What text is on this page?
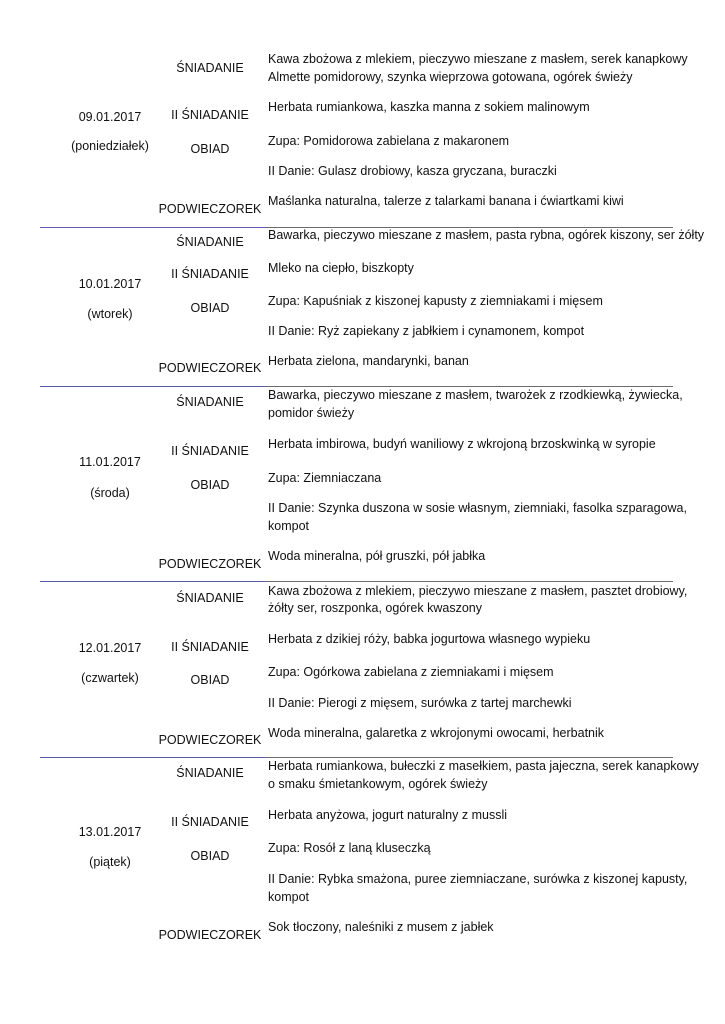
09.01.2017
(poniedziałek)
ŚNIADANIE
II ŚNIADANIE
OBIAD
PODWIECZOREK
Kawa zbożowa z mlekiem, pieczywo mieszane z masłem, serek kanapkowy
Almette pomidorowy, szynka wieprzowa gotowana, ogórek świeży
Herbata rumiankowa, kaszka manna z sokiem malinowym
Zupa: Pomidorowa zabielana z makaronem
II Danie: Gulasz drobiowy, kasza gryczana, buraczki
Maślanka naturalna, talerze z talarkami banana i ćwiartkami kiwi
10.01.2017
(wtorek)
ŚNIADANIE
II ŚNIADANIE
OBIAD
PODWIECZOREK
Bawarka, pieczywo mieszane z masłem, pasta rybna, ogórek kiszony, ser żółty
Mleko na ciepło, biszkopty
Zupa: Kapuśniak z kiszonej kapusty z ziemniakami i mięsem
II Danie: Ryż zapiekany z jabłkiem i cynamonem, kompot
Herbata zielona, mandarynki, banan
11.01.2017
(środa)
ŚNIADANIE
II ŚNIADANIE
OBIAD
PODWIECZOREK
Bawarka, pieczywo mieszane z masłem, twarożek z rzodkiewką, żywiecka,
pomidor świeży
Herbata imbirowa, budyń waniliowy z wkrojoną brzoskwinką w syropie
Zupa: Ziemniaczana
II Danie: Szynka duszona w sosie własnym, ziemniaki, fasolka szparagowa,
kompot
Woda mineralna, pół gruszki, pół jabłka
12.01.2017
(czwartek)
ŚNIADANIE
II ŚNIADANIE
OBIAD
PODWIECZOREK
Kawa zbożowa z mlekiem, pieczywo mieszane z masłem, pasztet drobiowy,
żółty ser, roszponka, ogórek kwaszony
Herbata z dzikiej róży, babka jogurtowa własnego wypieku
Zupa: Ogórkowa zabielana z ziemniakami i mięsem
II Danie: Pierogi z mięsem, surówka z tartej marchewki
Woda mineralna, galaretka z wkrojonymi owocami, herbatnik
13.01.2017
(piątek)
ŚNIADANIE
II ŚNIADANIE
OBIAD
PODWIECZOREK
Herbata rumiankowa, bułeczki z masełkiem, pasta jajeczna, serek kanapkowy
o smaku śmietankowym, ogórek świeży
Herbata anyżowa, jogurt naturalny z mussli
Zupa: Rosół z laną kluseczką
II Danie: Rybka smażona, puree ziemniaczane, surówka z kiszonej kapusty,
kompot
Sok tłoczony, naleśniki z musem z jabłek
